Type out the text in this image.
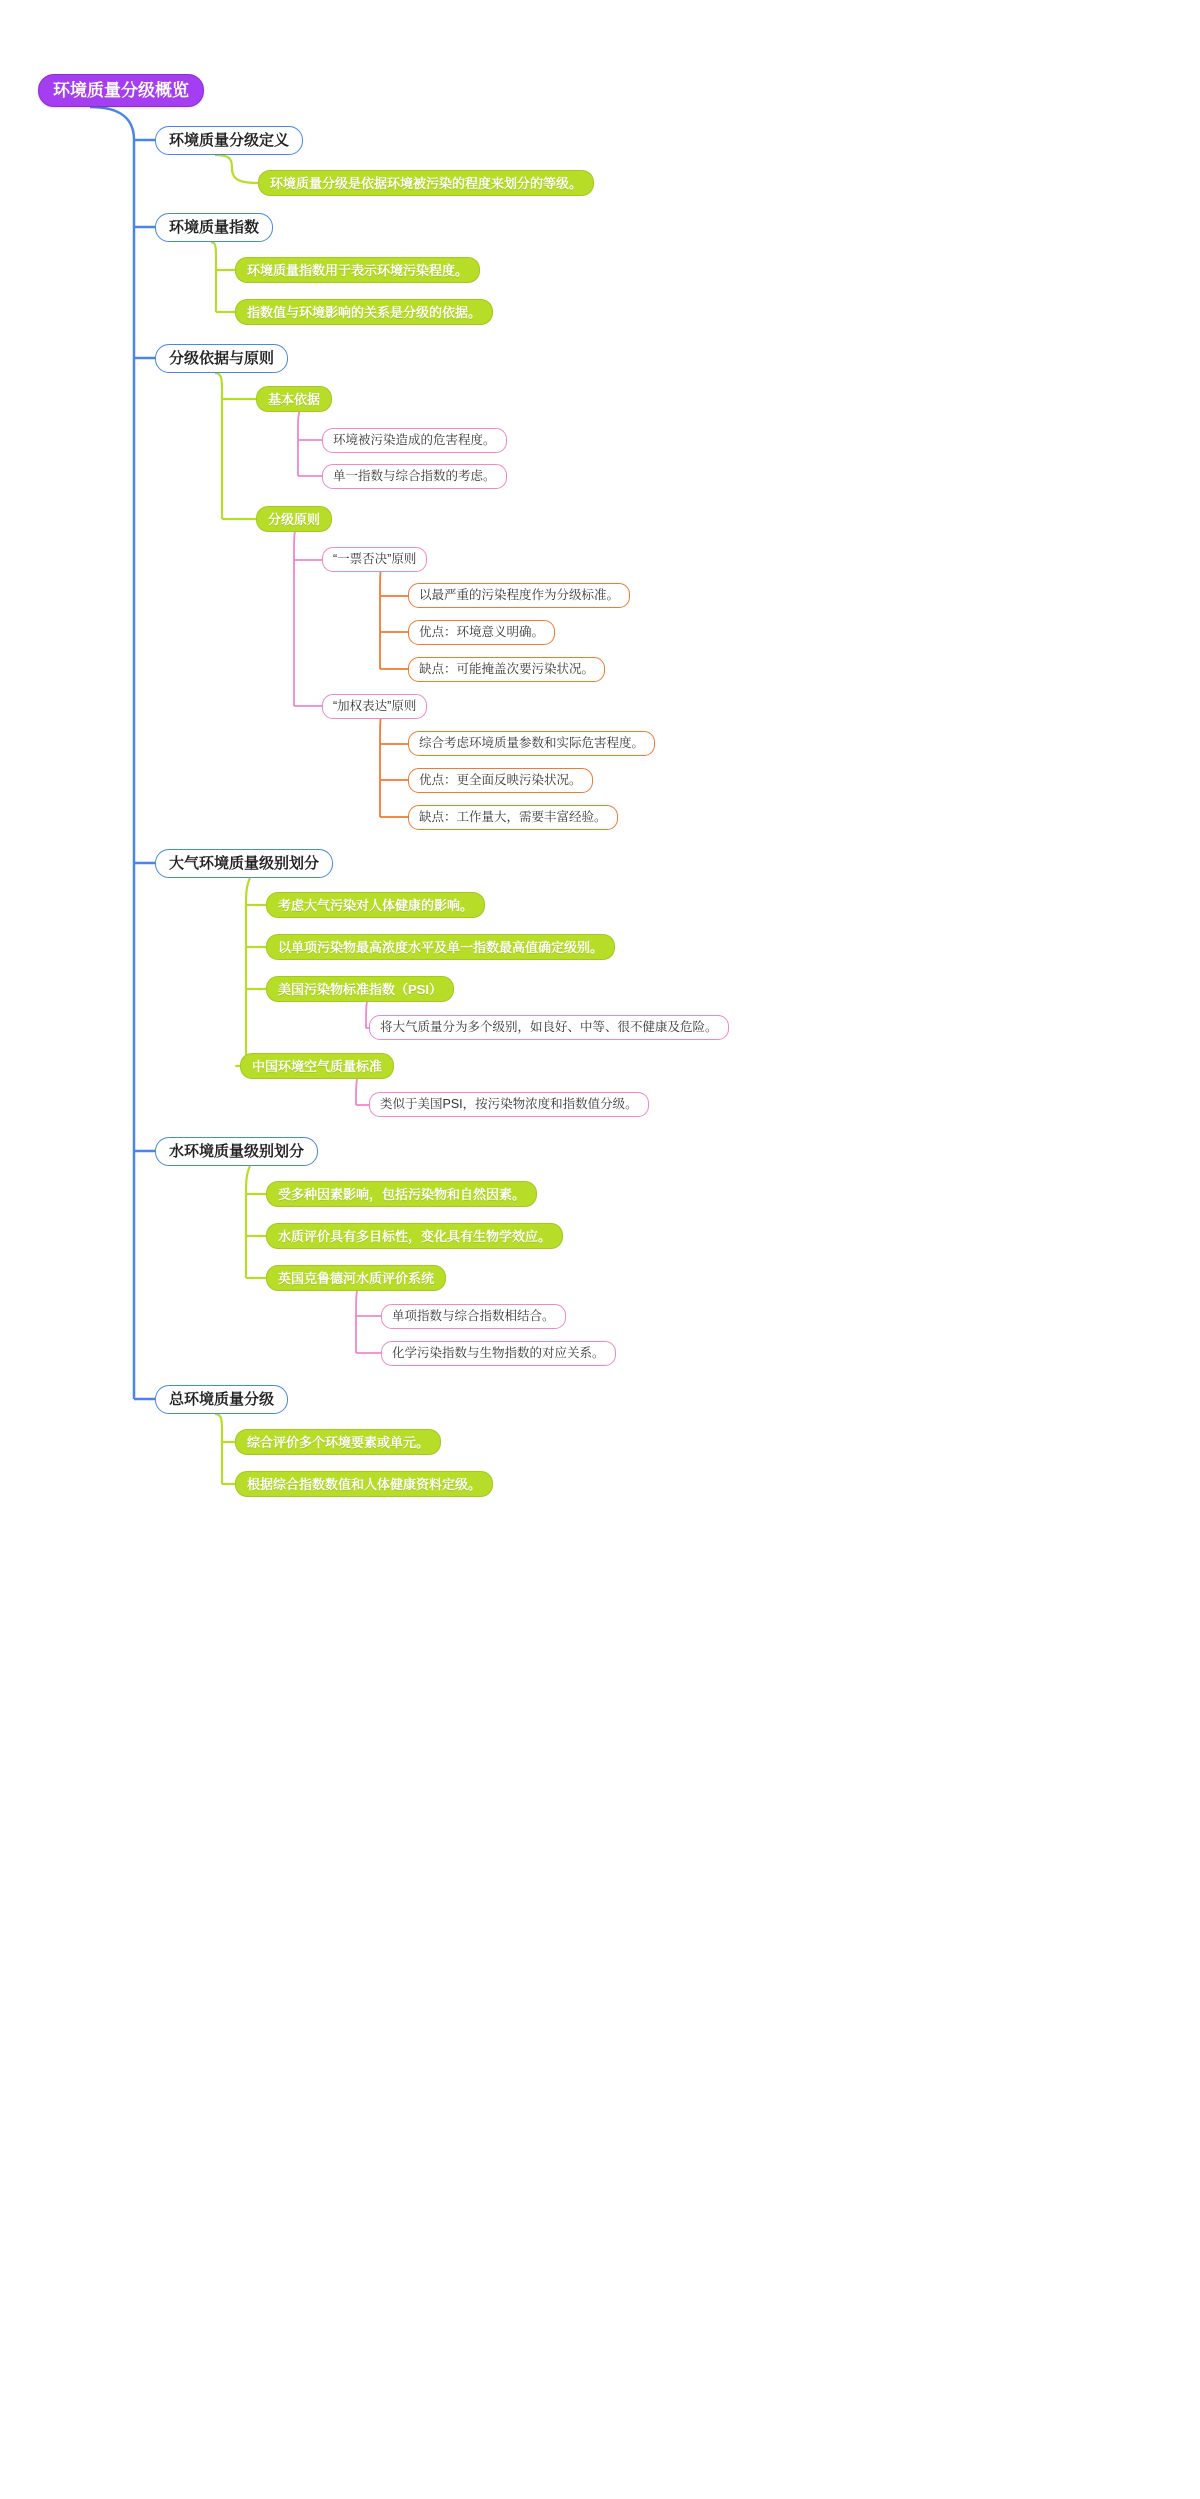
环境质量分级概览
环境质量分级定义
环境质量分级是依据环境被污染的程度来划分的等级。
环境质量指数
环境质量指数用于表示环境污染程度。
指数值与环境影响的关系是分级的依据。
分级依据与原则
基本依据
环境被污染造成的危害程度。
单一指数与综合指数的考虑。
分级原则
“一票否决”原则
以最严重的污染程度作为分级标准。
优点：环境意义明确。
缺点：可能掩盖次要污染状况。
“加权表达”原则
综合考虑环境质量参数和实际危害程度。
优点：更全面反映污染状况。
缺点：工作量大，需要丰富经验。
大气环境质量级别划分
考虑大气污染对人体健康的影响。
以单项污染物最高浓度水平及单一指数最高值确定级别。
美国污染物标准指数（PSI）
将大气质量分为多个级别，如良好、中等、很不健康及危险。
中国环境空气质量标准
类似于美国PSI，按污染物浓度和指数值分级。
水环境质量级别划分
受多种因素影响，包括污染物和自然因素。
水质评价具有多目标性，变化具有生物学效应。
英国克鲁德河水质评价系统
单项指数与综合指数相结合。
化学污染指数与生物指数的对应关系。
总环境质量分级
综合评价多个环境要素或单元。
根据综合指数数值和人体健康资料定级。
